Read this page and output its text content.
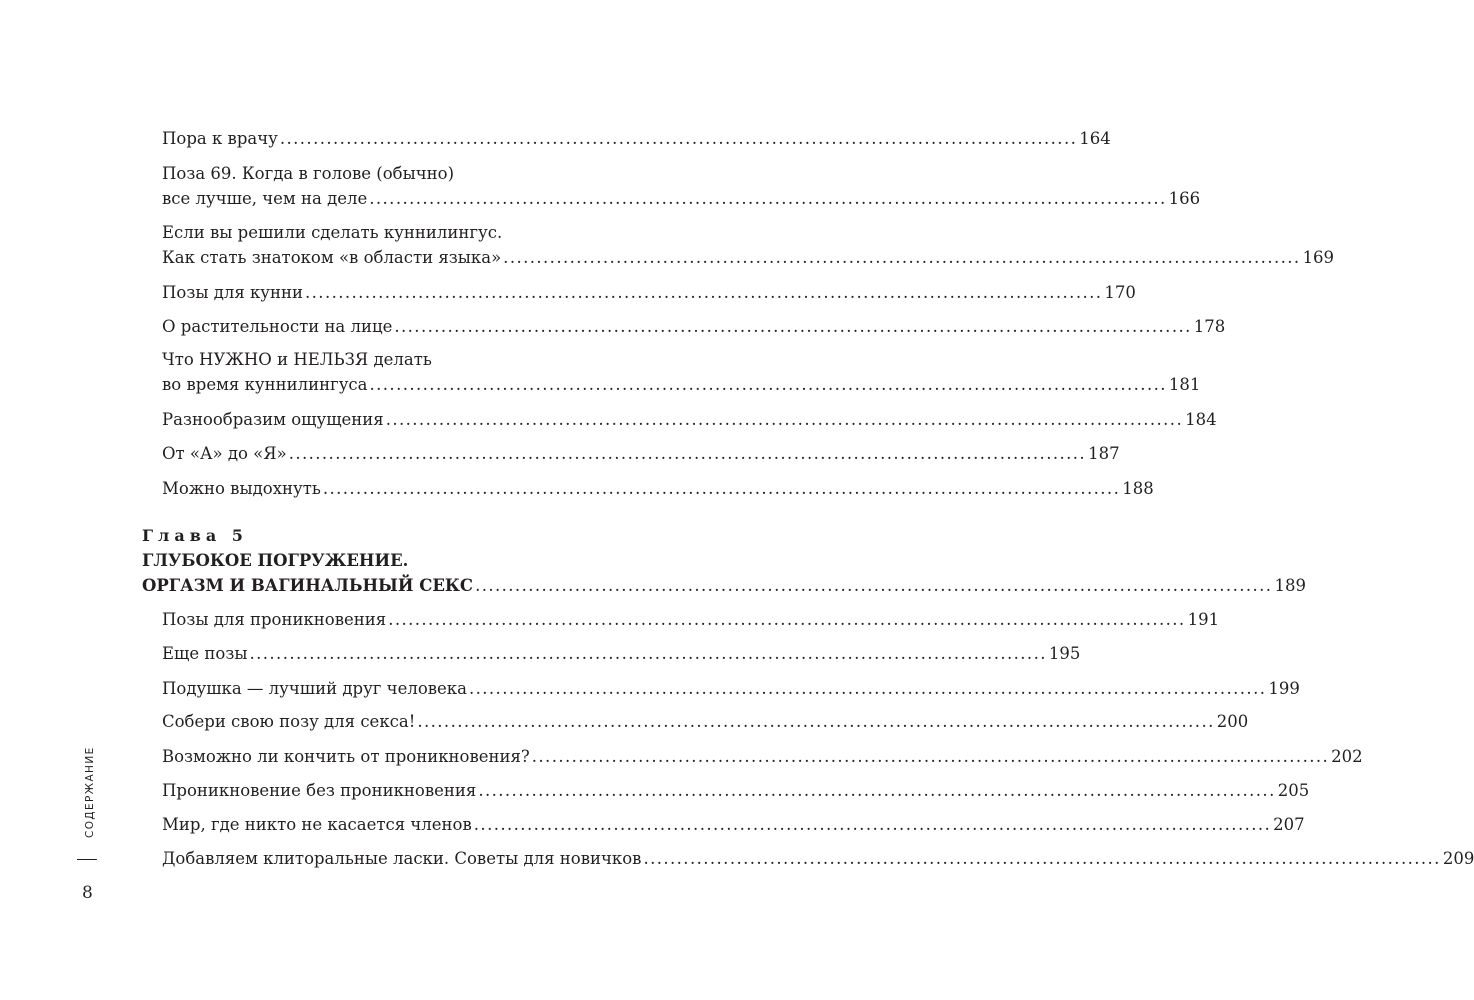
Пора к врачу ........................................................................................................................ 164
Поза 69. Когда в голове (обычно)
все лучше, чем на деле ........................................................................................................................ 166
Если вы решили сделать куннилингус.
Как стать знатоком «в области языка» ........................................................................................................................ 169
Позы для кунни ........................................................................................................................ 170
О растительности на лице ........................................................................................................................ 178
Что НУЖНО и НЕЛЬЗЯ делать
во время куннилингуса ........................................................................................................................ 181
Разнообразим ощущения ........................................................................................................................ 184
От «А» до «Я» ........................................................................................................................ 187
Можно выдохнуть ........................................................................................................................ 188
Глава 5
ГЛУБОКОЕ ПОГРУЖЕНИЕ.
ОРГАЗМ И ВАГИНАЛЬНЫЙ СЕКС ........................................................................................................................ 189
Позы для проникновения ........................................................................................................................ 191
Еще позы ........................................................................................................................ 195
Подушка — лучший друг человека ........................................................................................................................ 199
Собери свою позу для секса! ........................................................................................................................ 200
Возможно ли кончить от проникновения? ........................................................................................................................ 202
Проникновение без проникновения ........................................................................................................................ 205
Мир, где никто не касается членов ........................................................................................................................ 207
Добавляем клиторальные ласки. Советы для новичков ........................................................................................................................ 209
СОДЕРЖАНИЕ
8
